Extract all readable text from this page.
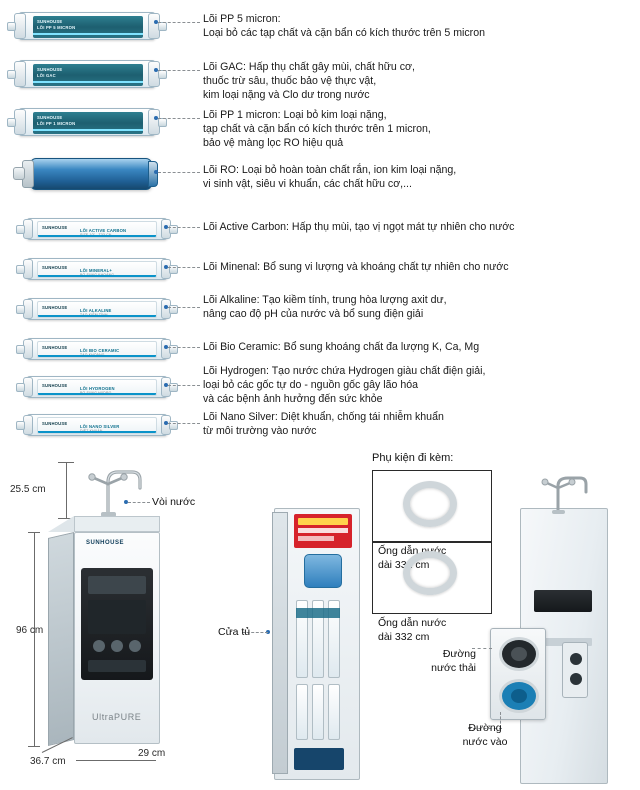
SUNHOUSE
LÕI PP 5 MICRON
Lõi PP 5 micron:
Loại bỏ các tạp chất và cặn bẩn có kích thước trên 5 micron
SUNHOUSE
LÕI GAC
Lõi GAC: Hấp thụ chất gây mùi, chất hữu cơ,
thuốc trừ sâu, thuốc bảo vệ thực vật,
kim loại nặng và Clo dư trong nước
SUNHOUSE
LÕI PP 1 MICRON
Lõi PP 1 micron: Loại bỏ kim loại nặng,
tạp chất và cặn bẩn có kích thước trên 1 micron,
bảo vệ màng lọc RO hiệu quả
Lõi RO: Loại bỏ hoàn toàn chất rắn, ion kim loại nặng,
vi sinh vật, siêu vi khuẩn, các chất hữu cơ,...
SUNHOUSE
LÕI ACTIVE CARBON	Lõi Active Carbon: Hấp thụ mùi, tạo vị ngọt mát tự nhiên cho nước
SUNHOUSE
LÕI MINERAL+	Lõi Minenal: Bổ sung vi lượng và khoáng chất tự nhiên cho nước
SUNHOUSE
LÕI ALKALINE
Lõi Alkaline: Tạo kiềm tính, trung hòa lượng axit dư,
nâng cao độ pH của nước và bổ sung điện giải
SUNHOUSE
LÕI BIO CERAMIC	Lõi Bio Ceramic: Bổ sung khoáng chất đa lượng K, Ca, Mg
SUNHOUSE
LÕI HYDROGEN
Lõi Hydrogen: Tạo nước chứa Hydrogen giàu chất điện giải,
loại bỏ các gốc tự do - nguồn gốc gây lão hóa
và các bệnh ảnh hưởng đến sức khỏe
SUNHOUSE
LÕI NANO SILVER
Lõi Nano Silver: Diệt khuẩn, chống tái nhiễm khuẩn
từ môi trường vào nước
Vòi nước
25.5 cm
SUNHOUSE
UltraPURE
96 cm
36.7 cm
29 cm
Cửa tủ
Phụ kiện đi kèm:
Ống dẫn nước
dài 332 cm
Ống dẫn nước
dài 332 cm
Đường
nước thải
Đường
nước vào
